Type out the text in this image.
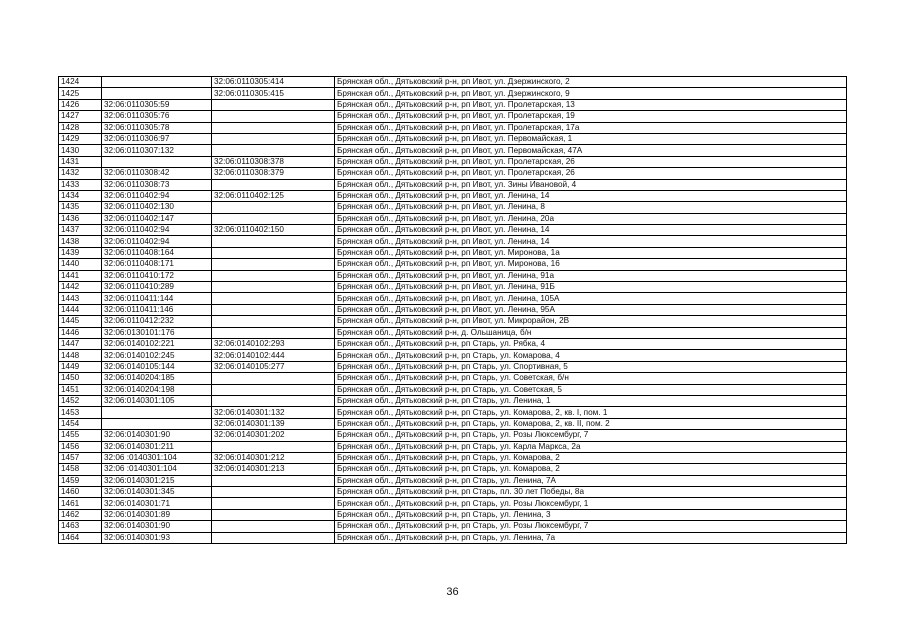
1424		32:06:0110305:414	Брянская обл., Дятьковский р-н, рп Ивот, ул. Дзержинского, 2
1425		32:06:0110305:415	Брянская обл., Дятьковский р-н, рп Ивот, ул. Дзержинского, 9
1426	32:06:0110305:59		Брянская обл., Дятьковский р-н, рп Ивот, ул. Пролетарская, 13
1427	32:06:0110305:76		Брянская обл., Дятьковский р-н, рп Ивот, ул. Пролетарская, 19
1428	32:06:0110305:78		Брянская обл., Дятьковский р-н, рп Ивот, ул. Пролетарская, 17а
1429	32:06:0110306:97		Брянская обл., Дятьковский р-н, рп Ивот, ул. Первомайская, 1
1430	32:06:0110307:132		Брянская обл., Дятьковский р-н, рп Ивот, ул. Первомайская, 47А
1431		32:06:0110308:378	Брянская обл., Дятьковский р-н, рп Ивот, ул. Пролетарская, 26
1432	32:06:0110308:42	32:06:0110308:379	Брянская обл., Дятьковский р-н, рп Ивот, ул. Пролетарская, 26
1433	32:06:0110308:73		Брянская обл., Дятьковский р-н, рп Ивот, ул. Зины Ивановой, 4
1434	32:06:0110402:94	32:06:0110402:125	Брянская обл., Дятьковский р-н, рп Ивот, ул. Ленина, 14
1435	32:06:0110402:130		Брянская обл., Дятьковский р-н, рп Ивот, ул. Ленина, 8
1436	32:06:0110402:147		Брянская обл., Дятьковский р-н, рп Ивот, ул. Ленина, 20а
1437	32:06:0110402:94	32:06:0110402:150	Брянская обл., Дятьковский р-н, рп Ивот, ул. Ленина, 14
1438	32:06:0110402:94		Брянская обл., Дятьковский р-н, рп Ивот, ул. Ленина, 14
1439	32:06:0110408:164		Брянская обл., Дятьковский р-н, рп Ивот, ул. Миронова, 1а
1440	32:06:0110408:171		Брянская обл., Дятьковский р-н, рп Ивот, ул. Миронова, 16
1441	32:06:0110410:172		Брянская обл., Дятьковский р-н, рп Ивот, ул. Ленина, 91а
1442	32:06:0110410:289		Брянская обл., Дятьковский р-н, рп Ивот, ул. Ленина, 91Б
1443	32:06:0110411:144		Брянская обл., Дятьковский р-н, рп Ивот, ул. Ленина, 105А
1444	32:06:0110411:146		Брянская обл., Дятьковский р-н, рп Ивот, ул. Ленина, 95А
1445	32:06:0110412:232		Брянская обл., Дятьковский р-н, рп Ивот, ул. Микрорайон, 2В
1446	32:06:0130101:176		Брянская обл., Дятьковский р-н, д. Ольшаница, б/н
1447	32:06:0140102:221	32:06:0140102:293	Брянская обл., Дятьковский р-н, рп Старь, ул. Рябка, 4
1448	32:06:0140102:245	32:06:0140102:444	Брянская обл., Дятьковский р-н, рп Старь, ул. Комарова, 4
1449	32:06:0140105:144	32:06:0140105:277	Брянская обл., Дятьковский р-н, рп Старь, ул. Спортивная, 5
1450	32:06:0140204:185		Брянская обл., Дятьковский р-н, рп Старь, ул. Советская, б/н
1451	32:06:0140204:198		Брянская обл., Дятьковский р-н, рп Старь, ул. Советская, 5
1452	32:06:0140301:105		Брянская обл., Дятьковский р-н, рп Старь, ул. Ленина, 1
1453		32:06:0140301:132	Брянская обл., Дятьковский р-н, рп Старь, ул. Комарова, 2, кв. I, пом. 1
1454		32:06:0140301:139	Брянская обл., Дятьковский р-н, рп Старь, ул. Комарова, 2, кв. II, пом. 2
1455	32:06:0140301:90	32:06:0140301:202	Брянская обл., Дятьковский р-н, рп Старь, ул. Розы Люксембург, 7
1456	32:06:0140301:211		Брянская обл., Дятьковский р-н, рп Старь, ул. Карла Маркса, 2а
1457	32:06 :0140301:104	32:06:0140301:212	Брянская обл., Дятьковский р-н, рп Старь, ул. Комарова, 2
1458	32:06 :0140301:104	32:06:0140301:213	Брянская обл., Дятьковский р-н, рп Старь, ул. Комарова, 2
1459	32:06:0140301:215		Брянская обл., Дятьковский р-н, рп Старь, ул. Ленина, 7А
1460	32:06:0140301:345		Брянская обл., Дятьковский р-н, рп Старь, пл. 30 лет Победы, 8а
1461	32:06:0140301:71		Брянская обл., Дятьковский р-н, рп Старь, ул. Розы Люксембург, 1
1462	32:06:0140301:89		Брянская обл., Дятьковский р-н, рп Старь, ул. Ленина, 3
1463	32:06:0140301:90		Брянская обл., Дятьковский р-н, рп Старь, ул. Розы Люксембург, 7
1464	32:06:0140301:93		Брянская обл., Дятьковский р-н, рп Старь, ул. Ленина, 7а
36
